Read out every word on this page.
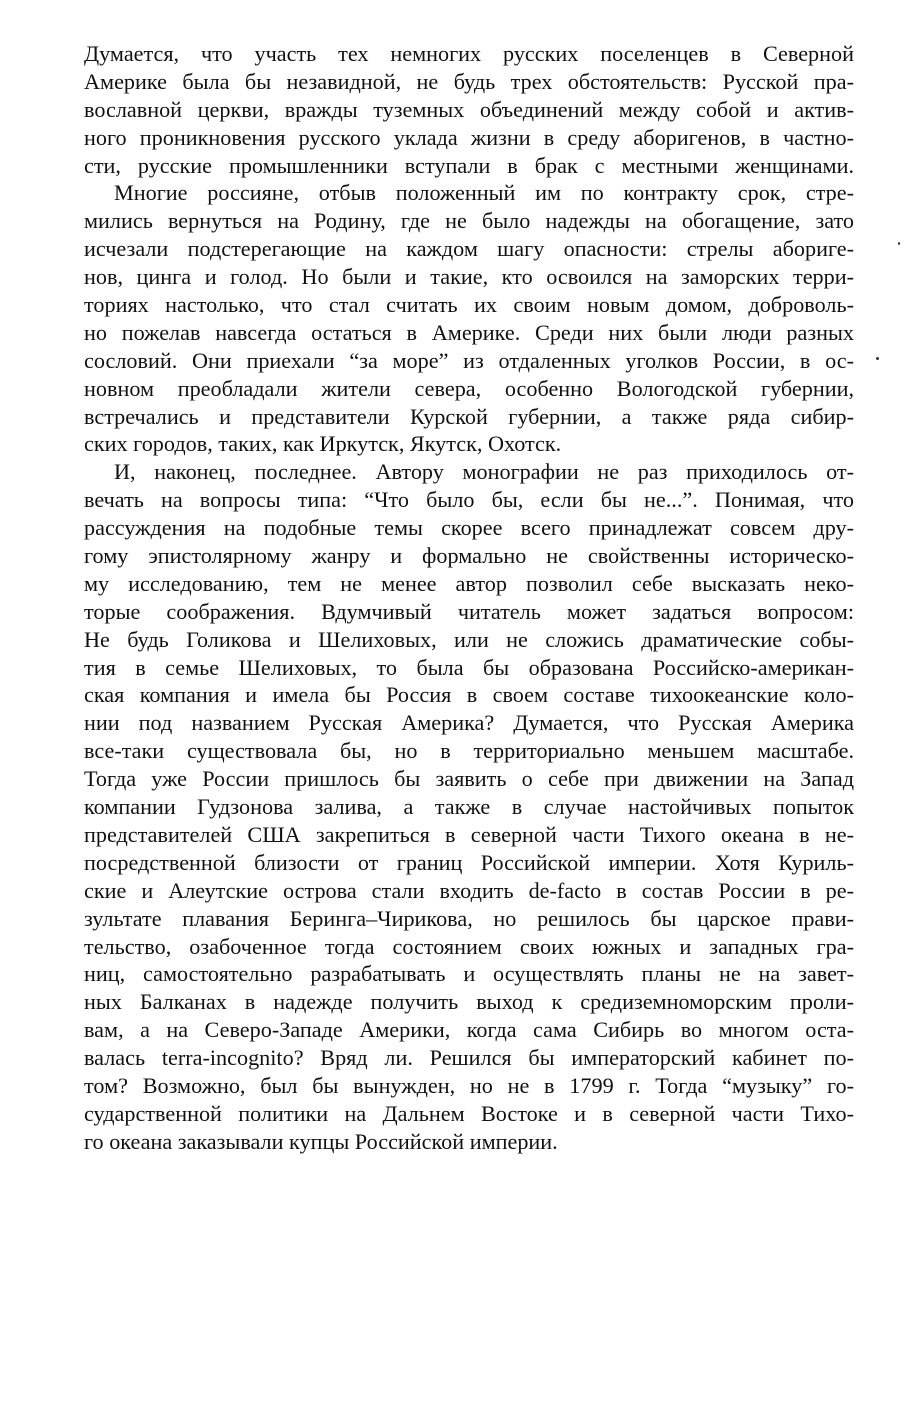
Думается, что участь тех немногих русских поселенцев в Северной
Америке была бы незавидной, не будь трех обстоятельств: Русской пра-
вославной церкви, вражды туземных объединений между собой и актив-
ного проникновения русского уклада жизни в среду аборигенов, в частно-
сти, русские промышленники вступали в брак с местными женщинами.
Многие россияне, отбыв положенный им по контракту срок, стре-
мились вернуться на Родину, где не было надежды на обогащение, зато
исчезали подстерегающие на каждом шагу опасности: стрелы абориге-
нов, цинга и голод. Но были и такие, кто освоился на заморских терри-
ториях настолько, что стал считать их своим новым домом, доброволь-
но пожелав навсегда остаться в Америке. Среди них были люди разных
сословий. Они приехали “за море” из отдаленных уголков России, в ос-
новном преобладали жители севера, особенно Вологодской губернии,
встречались и представители Курской губернии, а также ряда сибир-
ских городов, таких, как Иркутск, Якутск, Охотск.
И, наконец, последнее. Автору монографии не раз приходилось от-
вечать на вопросы типа: “Что было бы, если бы не...”. Понимая, что
рассуждения на подобные темы скорее всего принадлежат совсем дру-
гому эпистолярному жанру и формально не свойственны историческо-
му исследованию, тем не менее автор позволил себе высказать неко-
торые соображения. Вдумчивый читатель может задаться вопросом:
Не будь Голикова и Шелиховых, или не сложись драматические собы-
тия в семье Шелиховых, то была бы образована Российско-американ-
ская компания и имела бы Россия в своем составе тихоокеанские коло-
нии под названием Русская Америка? Думается, что Русская Америка
все-таки существовала бы, но в территориально меньшем масштабе.
Тогда уже России пришлось бы заявить о себе при движении на Запад
компании Гудзонова залива, а также в случае настойчивых попыток
представителей США закрепиться в северной части Тихого океана в не-
посредственной близости от границ Российской империи. Хотя Куриль-
ские и Алеутские острова стали входить de-facto в состав России в ре-
зультате плавания Беринга–Чирикова, но решилось бы царское прави-
тельство, озабоченное тогда состоянием своих южных и западных гра-
ниц, самостоятельно разрабатывать и осуществлять планы не на завет-
ных Балканах в надежде получить выход к средиземноморским проли-
вам, а на Северо-Западе Америки, когда сама Сибирь во многом оста-
валась terra-incognito? Вряд ли. Решился бы императорский кабинет по-
том? Возможно, был бы вынужден, но не в 1799 г. Тогда “музыку” го-
сударственной политики на Дальнем Востоке и в северной части Тихо-
го океана заказывали купцы Российской империи.
